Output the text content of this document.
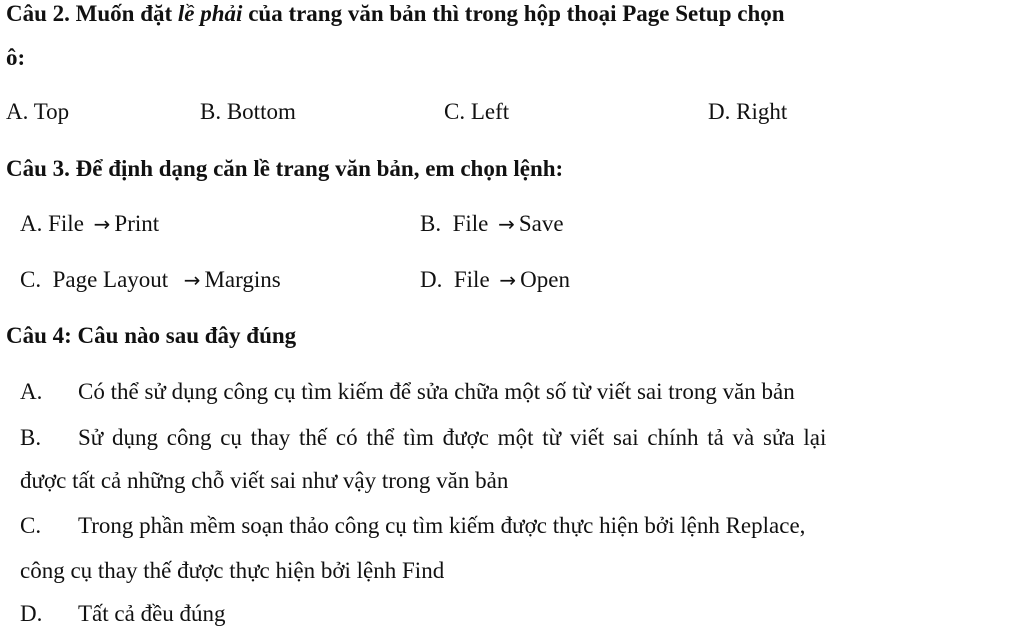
Câu 2. Muốn đặt lề phải của trang văn bản thì trong hộp thoại Page Setup chọn
ô:
A. Top	B. Bottom	C. Left	D. Right
Câu 3. Để định dạng căn lề trang văn bản, em chọn lệnh:
A. File → Print	B. File → Save
C. Page Layout → Margins	D. File → Open
Câu 4: Câu nào sau đây đúng
A. Có thể sử dụng công cụ tìm kiếm để sửa chữa một số từ viết sai trong văn bản
B. Sử dụng công cụ thay thế có thể tìm được một từ viết sai chính tả và sửa lại
được tất cả những chỗ viết sai như vậy trong văn bản
C. Trong phần mềm soạn thảo công cụ tìm kiếm được thực hiện bởi lệnh Replace,
công cụ thay thế được thực hiện bởi lệnh Find
D. Tất cả đều đúng
